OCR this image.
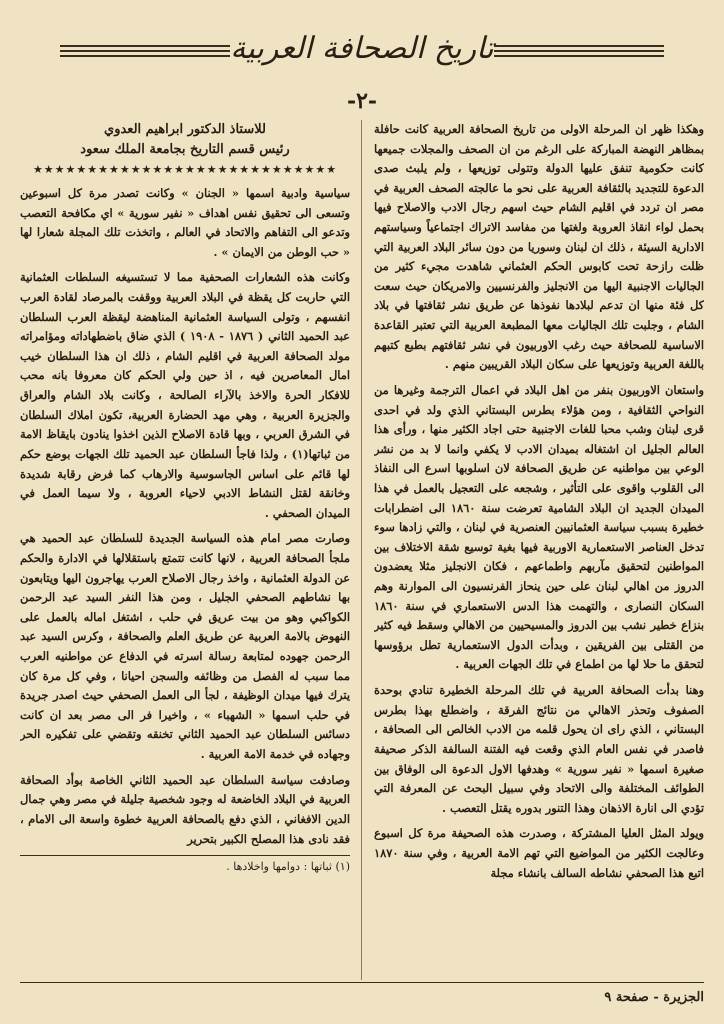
تاريخ الصحافة العربية
-٢-

وهكذا ظهر ان المرحلة الاولى من تاريخ الصحافة العربية كانت حافلة بمظاهر النهضة المباركة على الرغم من ان الصحف والمجلات جميعها كانت حكومية تنفق عليها الدولة وتتولى توزيعها ، ولم يلبث صدى الدعوة للتجديد بالثقافة العربية على نحو ما عالجته الصحف العربية في مصر ان تردد في اقليم الشام حيث اسهم رجال الادب والاصلاح فيها بحمل لواء انقاذ العروبة ولغتها من مفاسد الاتراك اجتماعياً وسياستهم الادارية السيئة ، ذلك ان لبنان وسوريا من دون سائر البلاد العربية التي ظلت رازحة تحت كابوس الحكم العثماني شاهدت مجيء كثير من الجاليات الاجنبية اليها من الانجليز والفرنسيين والامريكان حيث سعت كل فئة منها ان تدعم لبلادها نفوذها عن طريق نشر ثقافتها في بلاد الشام ، وجلبت تلك الجاليات معها المطبعة العربية التي تعتبر القاعدة الاساسية للصحافة حيث رغب الاوربيون في نشر ثقافتهم بطبع كتبهم باللغة العربية وتوزيعها على سكان البلاد القريبين منهم .

واستعان الاوربيون بنفر من اهل البلاد في اعمال الترجمة وغيرها من النواحي الثقافية ، ومن هؤلاء بطرس البستاني الذي ولد في احدى قرى لبنان وشب محبا للغات الاجنبية حتى اجاد الكثير منها ، ورأى هذا العالم الجليل ان اشتغاله بميدان الادب لا يكفي وانما لا بد من نشر الوعي بين مواطنيه عن طريق الصحافة لان اسلوبها اسرع الى النفاذ الى القلوب واقوى على التأثير ، وشجعه على التعجيل بالعمل في هذا الميدان الجديد ان البلاد الشامية تعرضت سنة ١٨٦٠ الى اضطرابات خطيرة بسبب سياسة العثمانيين العنصرية في لبنان ، والتي زادها سوء تدخل العناصر الاستعمارية الاوربية فيها بغية توسيع شقة الاختلاف بين المواطنين لتحقيق مآربهم واطماعهم ، فكان الانجليز مثلا يعضدون الدروز من اهالي لبنان على حين ينحاز الفرنسيون الى الموارنة وهم السكان النصارى ، والتهمت هذا الدس الاستعماري في سنة ١٨٦٠ بنزاع خطير نشب بين الدروز والمسيحيين من الاهالي وسقط فيه كثير من القتلى بين الفريقين ، وبدأت الدول الاستعمارية تطل برؤوسها لتحقق ما حلا لها من اطماع في تلك الجهات العربية .

وهنا بدأت الصحافة العربية في تلك المرحلة الخطيرة تنادي بوحدة الصفوف وتحذر الاهالي من نتائج الفرقة ، واضطلع بهذا بطرس البستاني ، الذي راى ان يحول قلمه من الادب الخالص الى الصحافة ، فاصدر في نفس العام الذي وقعت فيه الفتنة السالفة الذكر صحيفة صغيرة اسمها « نفير سورية » وهدفها الاول الدعوة الى الوفاق بين الطوائف المختلفة والى الاتحاد وفي سبيل البحث عن المعرفة التي تؤدي الى انارة الاذهان وهذا التنور بدوره يقتل التعصب .

ويولد المثل العليا المشتركة ، وصدرت هذه الصحيفة مرة كل اسبوع وعالجت الكثير من المواضيع التي تهم الامة العربية ، وفي سنة ١٨٧٠ اتبع هذا الصحفي نشاطه السالف بانشاء مجلة

للاستاذ الدكتور ابراهيم العدوي
رئيس قسم التاريخ بجامعة الملك سعود
★★★★★★★★★★★★★★★★★★★★★★★★★★★★

سياسية وادبية اسمها « الجنان » وكانت تصدر مرة كل اسبوعين وتسعى الى تحقيق نفس اهداف « نفير سورية » اي مكافحة التعصب وتدعو الى التفاهم والاتحاد في العالم ، واتخذت تلك المجلة شعارا لها « حب الوطن من الايمان » .

وكانت هذه الشعارات الصحفية مما لا تستسيغه السلطات العثمانية التي حاربت كل يقظة في البلاد العربية ووقفت بالمرصاد لقادة العرب انفسهم ، وتولى السياسة العثمانية المناهضة ليقظة العرب السلطان عبد الحميد الثاني ( ١٨٧٦ - ١٩٠٨ ) الذي ضاق باضطهاداته ومؤامراته مولد الصحافة العربية في اقليم الشام ، ذلك ان هذا السلطان خيب امال المعاصرين فيه ، اذ حين ولي الحكم كان معروفا بانه محب للافكار الحرة والاخذ بالآراء الصالحة ، وكانت بلاد الشام والعراق والجزيرة العربية ، وهي مهد الحضارة العربية، تكون املاك السلطان في الشرق العربي ، وبها قادة الاصلاح الذين اخذوا ينادون بايقاظ الامة من ثباتها(١) ، ولذا فاجأ السلطان عبد الحميد تلك الجهات بوضع حكم لها قائم على اساس الجاسوسية والارهاب كما فرض رقابة شديدة وخانقة لقتل النشاط الادبي لاحياء العروبة ، ولا سيما العمل في الميدان الصحفي .

وصارت مصر امام هذه السياسة الجديدة للسلطان عبد الحميد هي ملجأ الصحافة العربية ، لانها كانت تتمتع باستقلالها في الادارة والحكم عن الدولة العثمانية ، واخذ رجال الاصلاح العرب يهاجرون اليها ويتابعون بها نشاطهم الصحفي الجليل ، ومن هذا النفر السيد عبد الرحمن الكواكبي وهو من بيت عريق في حلب ، اشتغل اماله بالعمل على النهوض بالامة العربية عن طريق العلم والصحافة ، وكرس السيد عبد الرحمن جهوده لمتابعة رسالة اسرته في الدفاع عن مواطنيه العرب مما سبب له الفصل من وظائفه والسجن احيانا ، وفي كل مرة كان يترك فيها ميدان الوظيفة ، لجأ الى العمل الصحفي حيث اصدر جريدة في حلب اسمها « الشهباء » ، واخيرا فر الى مصر بعد ان كانت دسائس السلطان عبد الحميد الثاني تخنقه وتقضي على تفكيره الحر وجهاده في خدمة الامة العربية .

وصادفت سياسة السلطان عبد الحميد الثاني الخاصة بوأد الصحافة العربية في البلاد الخاضعة له وجود شخصية جليلة في مصر وهي جمال الدين الافغاني ، الذي دفع بالصحافة العربية خطوة واسعة الى الامام ، فقد نادى هذا المصلح الكبير بتحرير

(١) ثباتها : دوامها واخلادها .
الجزيرة - صفحة ٩
